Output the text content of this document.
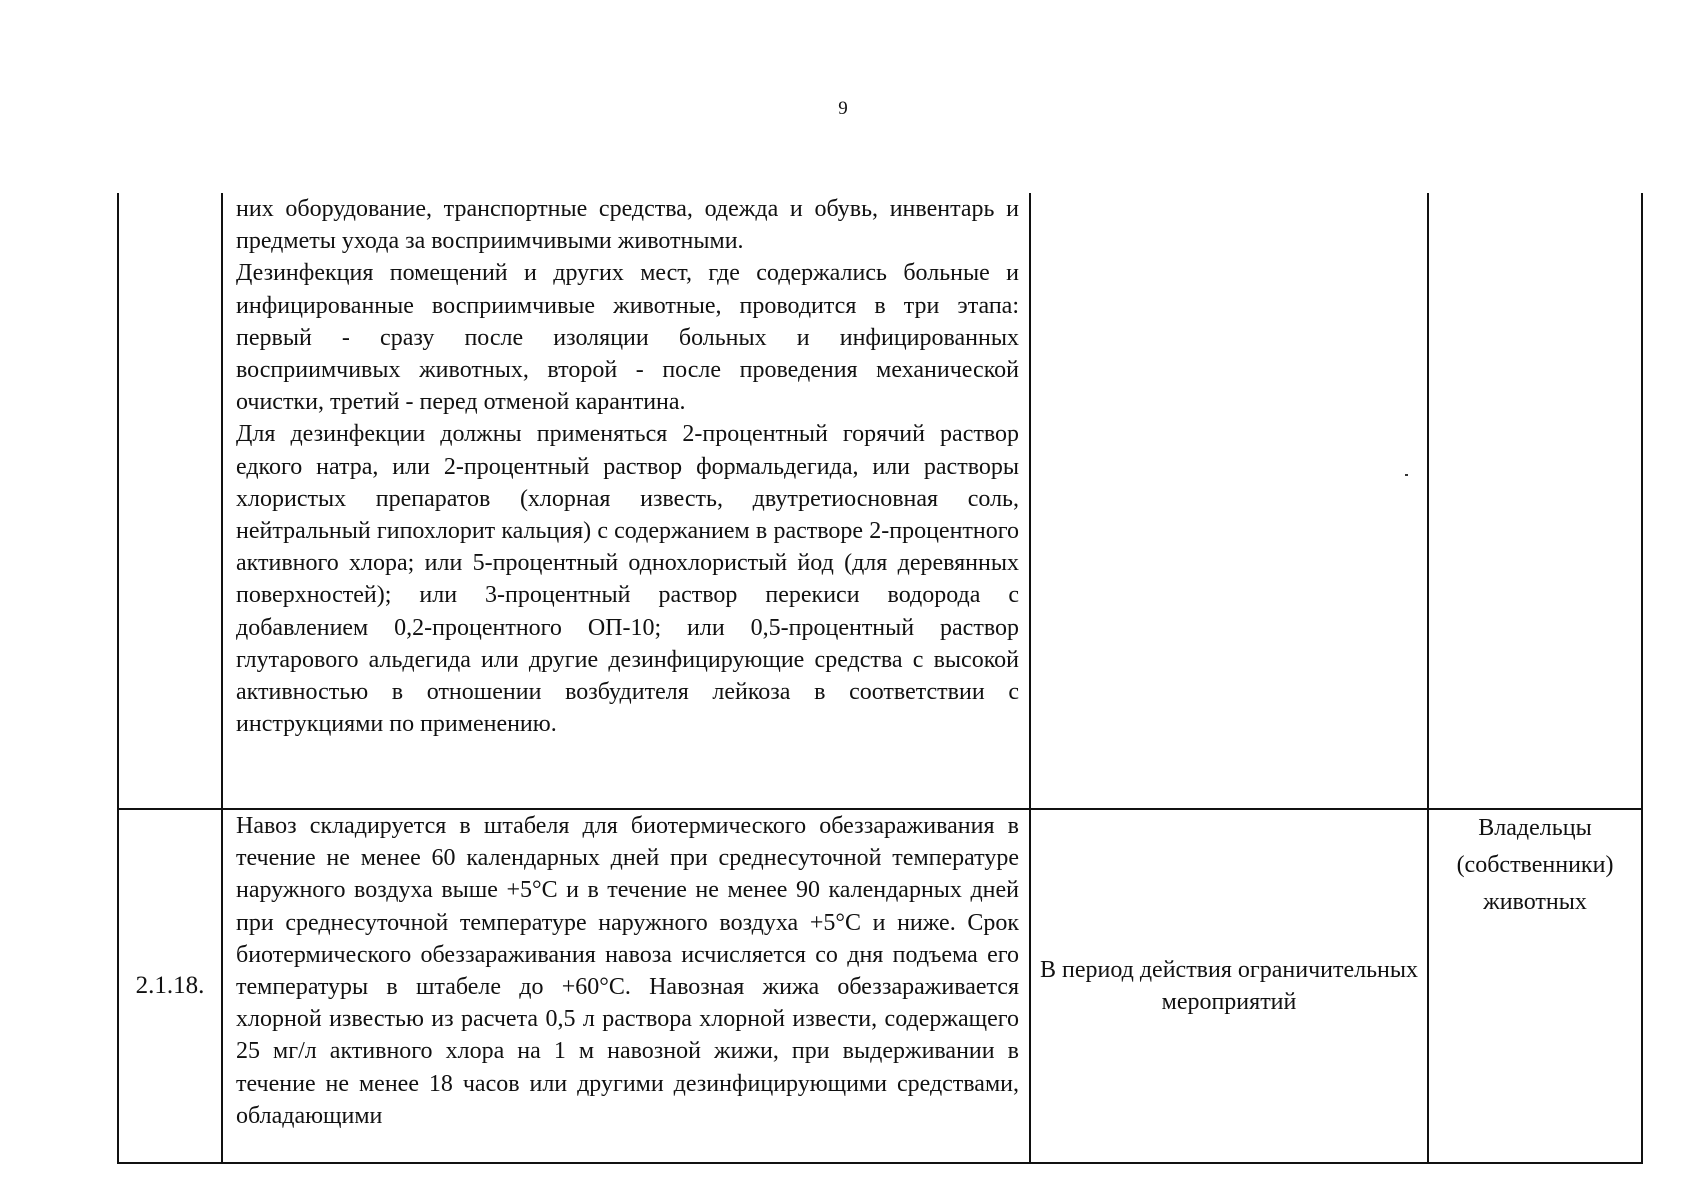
9

	них оборудование, транспортные средства, одежда и обувь, инвентарь и предметы ухода за восприимчивыми животными.

Дезинфекция помещений и других мест, где содержались больные и инфицированные восприимчивые животные, проводится в три этапа: первый - сразу после изоляции больных и инфицированных восприимчивых животных, второй - после проведения механической очистки, третий - перед отменой карантина.

Для дезинфекции должны применяться 2-процентный горячий раствор едкого натра, или 2-процентный раствор формальдегида, или растворы хлористых препаратов (хлорная известь, двутретиосновная соль, нейтральный гипохлорит кальция) с содержанием в растворе 2-процентного активного хлора; или 5-процентный однохлористый йод (для деревянных поверхностей); или 3-процентный раствор перекиси водорода с добавлением 0,2-процентного ОП-10; или 0,5-процентный раствор глутарового альдегида или другие дезинфицирующие средства с высокой активностью в отношении возбудителя лейкоза в соответствии с инструкциями по применению.		

2.1.18.	Навоз складируется в штабеля для биотермического обеззараживания в течение не менее 60 календарных дней при среднесуточной температуре наружного воздуха выше +5°С и в течение не менее 90 календарных дней при среднесуточной температуре наружного воздуха +5°С и ниже. Срок биотермического обеззараживания навоза исчисляется со дня подъема его температуры в штабеле до +60°С. Навозная жижа обеззараживается хлорной известью из расчета 0,5 л раствора хлорной извести, содержащего 25 мг/л активного хлора на 1 м навозной жижи, при выдерживании в течение не менее 18 часов или другими дезинфицирующими средствами, обладающими	В период действия ограничительных мероприятий	Владельцы (собственники) животных
